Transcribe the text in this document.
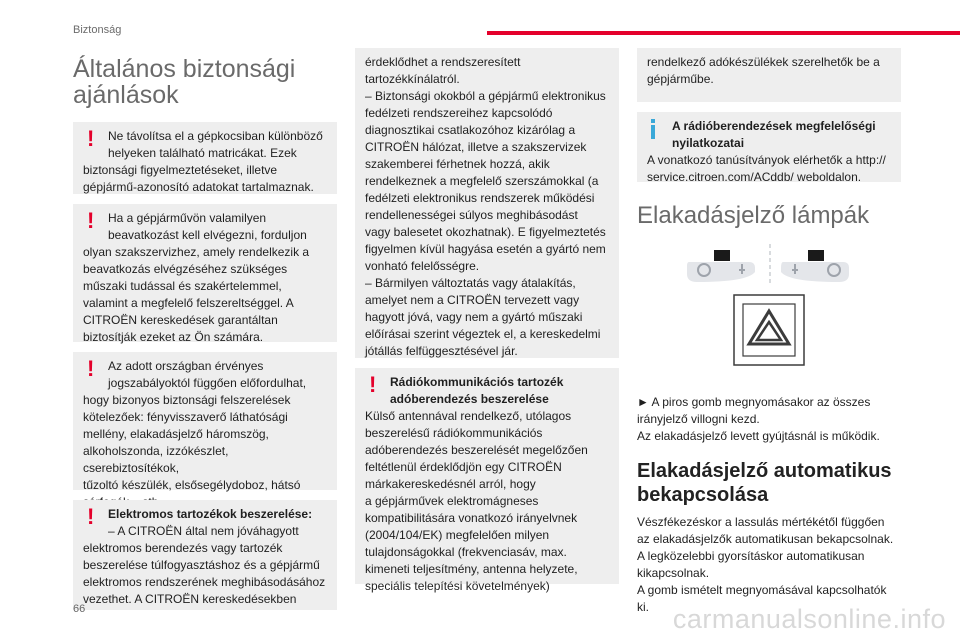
Biztonság
Általános biztonsági
ajánlások
!	Ne távolítsa el a gépkocsiban különböző
helyeken található matricákat. Ezek
biztonsági figyelmeztetéseket, illetve
gépjármű-azonosító adatokat tartalmaznak.
!	Ha a gépjárművön valamilyen
beavatkozást kell elvégezni, forduljon
olyan szakszervizhez, amely rendelkezik a
beavatkozás elvégzéséhez szükséges
műszaki tudással és szakértelemmel,
valamint a megfelelő felszereltséggel. A
CITROËN kereskedések garantáltan
biztosítják ezeket az Ön számára.
!	Az adott országban érvényes
jogszabályoktól függően előfordulhat,
hogy bizonyos biztonsági felszerelések
kötelezőek: fényvisszaverő láthatósági
mellény, elakadásjelző háromszög,
alkoholszonda, izzókészlet, cserebiztosítékok,
tűzoltó készülék, elsősegélydoboz, hátsó

!	Elektromos tartozékok beszerelése:
– A CITROËN által nem jóváhagyott
elektromos berendezés vagy tartozék
beszerelése túlfogyasztáshoz és a gépjármű
elektromos rendszerének meghibásodásához
vezethet. A CITROËN kereskedésekben
érdeklődhet a rendszeresített
tartozékkínálatról.
– Biztonsági okokból a gépjármű elektronikus
fedélzeti rendszereihez kapcsolódó
diagnosztikai csatlakozóhoz kizárólag a
CITROËN hálózat, illetve a szakszervizek
szakemberei férhetnek hozzá, akik
rendelkeznek a megfelelő szerszámokkal (a
fedélzeti elektronikus rendszerek működési
rendellenességei súlyos meghibásodást
vagy balesetet okozhatnak). E figyelmeztetés
figyelmen kívül hagyása esetén a gyártó nem
vonható felelősségre.
– Bármilyen változtatás vagy átalakítás,
amelyet nem a CITROËN tervezett vagy
hagyott jóvá, vagy nem a gyártó műszaki
előírásai szerint végeztek el, a kereskedelmi
jótállás felfüggesztésével jár.
!	Rádiókommunikációs tartozék
adóberendezés beszerelése
Külső antennával rendelkező, utólagos
beszerelésű rádiókommunikációs
adóberendezés beszerelését megelőzően
feltétlenül érdeklődjön egy CITROËN
márkakereskedésnél arról, hogy
a gépjárművek elektromágneses
kompatibilitására vonatkozó irányelvnek
(2004/104/EK) megfelelően milyen
tulajdonságokkal (frekvenciasáv, max.
kimeneti teljesítmény, antenna helyzete,
speciális telepítési követelmények)
rendelkező adókészülékek szerelhetők be a
gépjárműbe.
A rádióberendezések megfelelőségi
nyilatkozatai
A vonatkozó tanúsítványok elérhetők a http://
service.citroen.com/ACddb/ weboldalon.
Elakadásjelző lámpák
► A piros gomb megnyomásakor az összes
irányjelző villogni kezd.
Az elakadásjelző levett gyújtásnál is működik.
Elakadásjelző automatikus
bekapcsolása
Vészfékezéskor a lassulás mértékétől függően
az elakadásjelzők automatikusan bekapcsolnak.
A legközelebbi gyorsításkor automatikusan
kikapcsolnak.
A gomb ismételt megnyomásával kapcsolhatók
ki.
66	carmanualsonline.info
